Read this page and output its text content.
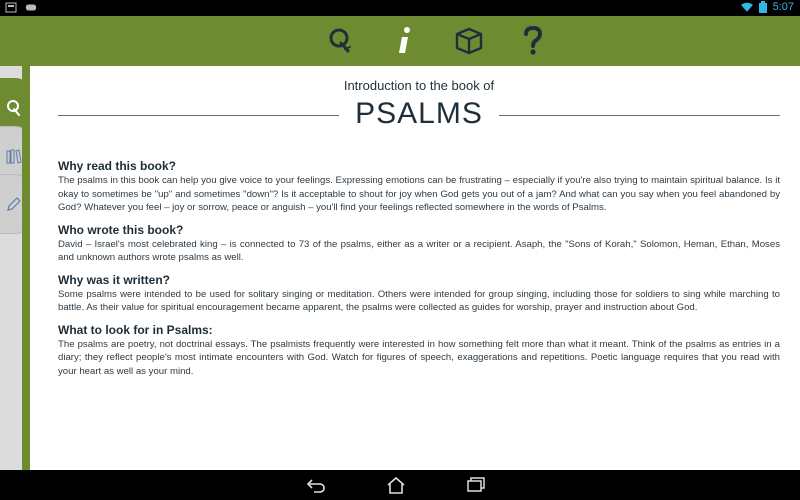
5:07
Introduction to the book of
PSALMS
Why read this book?

The psalms in this book can help you give voice to your feelings. Expressing emotions can be frustrating – especially if you're also trying to maintain spiritual balance. Is it okay to sometimes be "up" and sometimes "down"? Is it acceptable to shout for joy when God gets you out of a jam? And what can you say when you feel abandoned by God? Whatever you feel – joy or sorrow, peace or anguish – you'll find your feelings reflected somewhere in the words of Psalms.

Who wrote this book?

David – Israel's most celebrated king – is connected to 73 of the psalms, either as a writer or a recipient. Asaph, the "Sons of Korah," Solomon, Heman, Ethan, Moses and unknown authors wrote psalms as well.

Why was it written?

Some psalms were intended to be used for solitary singing or meditation. Others were intended for group singing, including those for soldiers to sing while marching to battle. As their value for spiritual encouragement became apparent, the psalms were collected as guides for worship, prayer and instruction about God.

What to look for in Psalms:

The psalms are poetry, not doctrinal essays. The psalmists frequently were interested in how something felt more than what it meant. Think of the psalms as entries in a diary; they reflect people's most intimate encounters with God. Watch for figures of speech, exaggerations and repetitions. Poetic language requires that you read with your heart as well as your mind.
